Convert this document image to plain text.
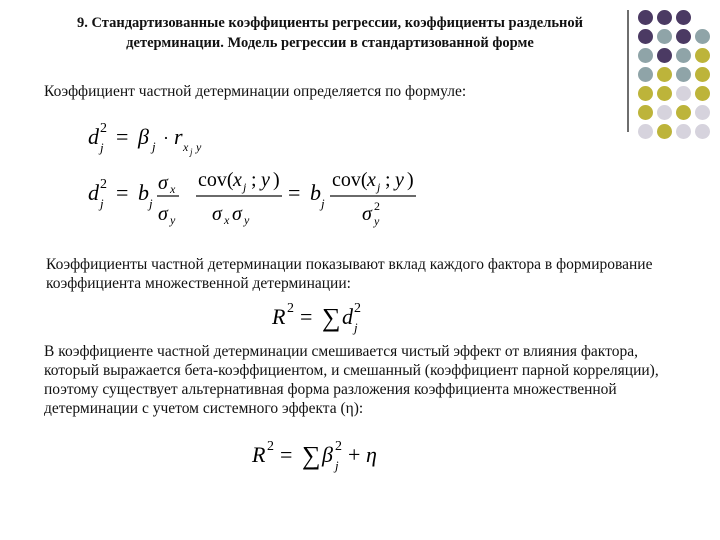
9. Стандартизованные коэффициенты регрессии, коэффициенты раздельной
детерминации. Модель регрессии в стандартизованной форме
Коэффициент частной детерминации определяется по формуле:
d 2
j = β j · r x j y
d 2
j = b j
σ x
σ y
cov( x j ; y )
σ x σ y
= b j
cov( x j ; y )
σ y
2
Коэффициенты частной детерминации показывают вклад каждого фактора в формирование коэффициента множественной детерминации:
R 2 = ∑ d 2
j
В коэффициенте частной детерминации смешивается чистый эффект от влияния фактора, который выражается бета-коэффициентом, и смешанный (коэффициент парной корреляции), поэтому существует альтернативная форма разложения коэффициента множественной детерминации с учетом системного эффекта (η):
R 2 = ∑ β 2
j + η
